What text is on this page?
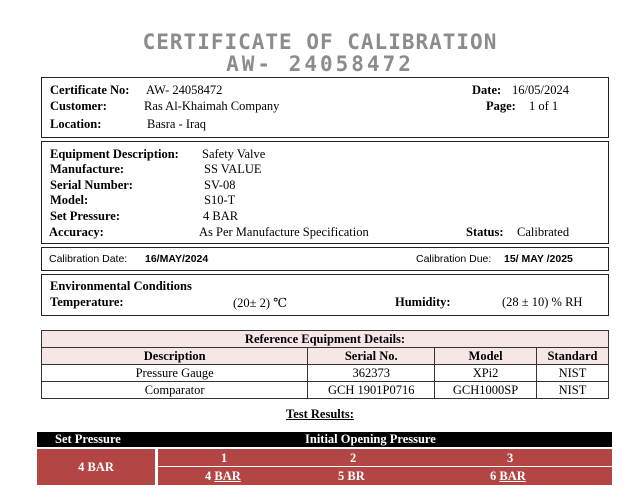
CERTIFICATE OF CALIBRATION
AW- 24058472
Certificate No: AW- 24058472
Customer:	Ras Al-Khaimah Company
Location:	Basra - Iraq
Date: 16/05/2024
Page: 1 of 1
Equipment Description: Safety Valve
Manufacture:	SS VALUE
Serial Number:	SV-08
Model:	S10-T
Set Pressure:	4 BAR
Accuracy:	As Per Manufacture Specification	Status: Calibrated
Calibration Date: 16/MAY/2024	Calibration Due: 15/ MAY /2025
Environmental Conditions
Temperature:	(20± 2) ℃	Humidity:	(28 ± 10) % RH
Reference Equipment Details:			
Description	Serial No.	Model	Standard
Pressure Gauge	362373	XPi2	NIST
Comparator	GCH 1901P0716	GCH1000SP	NIST
Test Results:
Set Pressure	Initial Opening Pressure
4 BAR
1	2	3
4 BAR	5 BR	6 BAR
